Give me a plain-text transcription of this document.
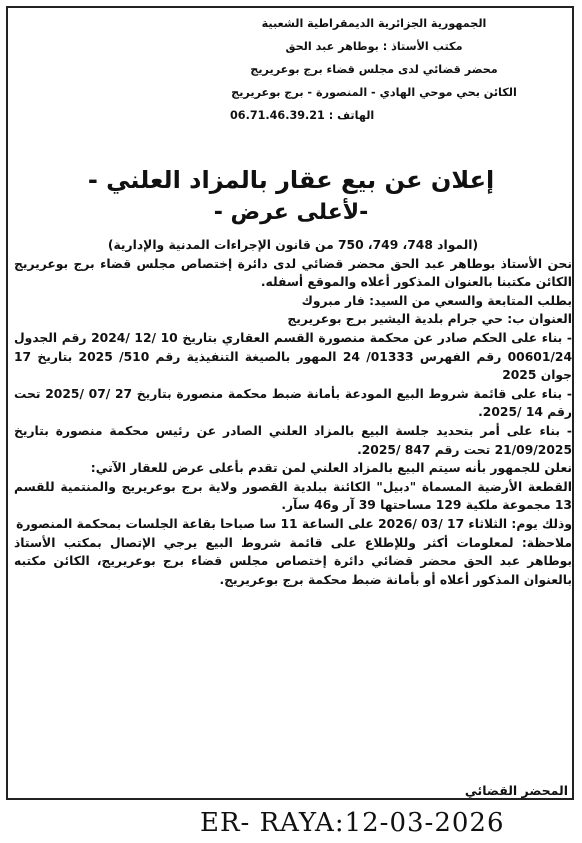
الجمهورية الجزائرية الديمقراطية الشعبية
مكتب الأستاذ : بوطاهر عبد الحق
محضر قضائي لدى مجلس قضاء برج بوعريريج
الكائن بحي موحي الهادي - المنصورة - برج بوعريريج
الهاتف : 06.71.46.39.21
إعلان عن بيع عقار بالمزاد العلني -
-لأعلى عرض -

(المواد 748، 749، 750 من قانون الإجراءات المدنية والإدارية)

نحن الأستاذ بوطاهر عبد الحق محضر قضائي لدى دائرة إختصاص مجلس قضاء برج بوعريريج الكائن مكتبنا بالعنوان المذكور أعلاه والموقع أسفله.

بطلب المتابعة والسعي من السيد: فار مبروك

العنوان ب: حي جرام بلدية اليشير برج بوعريريج

- بناء على الحكم صادر عن محكمة منصورة القسم العقاري بتاريخ 10 /12 /2024 رقم الجدول 00601/24 رقم الفهرس 01333/ 24 المهور بالصيغة التنفيذية رقم 510/ 2025 بتاريخ 17 جوان 2025

- بناء على قائمة شروط البيع المودعة بأمانة ضبط محكمة منصورة بتاريخ 27 /07 /2025 تحت رقم 14 /2025.

- بناء على أمر بتحديد جلسة البيع بالمزاد العلني الصادر عن رئيس محكمة منصورة بتاريخ 21/09/2025 تحت رقم 847 /2025.

نعلن للجمهور بأنه سيتم البيع بالمزاد العلني لمن تقدم بأعلى عرض للعقار الآتي:

القطعة الأرضية المسماة "دبيل" الكائنة ببلدية القصور ولاية برج بوعريريج والمنتمية للقسم 13 مجموعة ملكية 129 مساحتها 39 آر و46 سآر.

وذلك يوم: الثلاثاء 17 /03 /2026 على الساعة 11 سا صباحا بقاعة الجلسات بمحكمة المنصورة

ملاحظة: لمعلومات أكثر وللإطلاع على قائمة شروط البيع يرجي الإتصال بمكتب الأستاذ بوطاهر عبد الحق محضر قضائي دائرة إختصاص مجلس قضاء برج بوعريريج، الكائن مكتبه بالعنوان المذكور أعلاه أو بأمانة ضبط محكمة برج بوعريريج.

المحضر القضائي
ER- RAYA:12-03-2026
